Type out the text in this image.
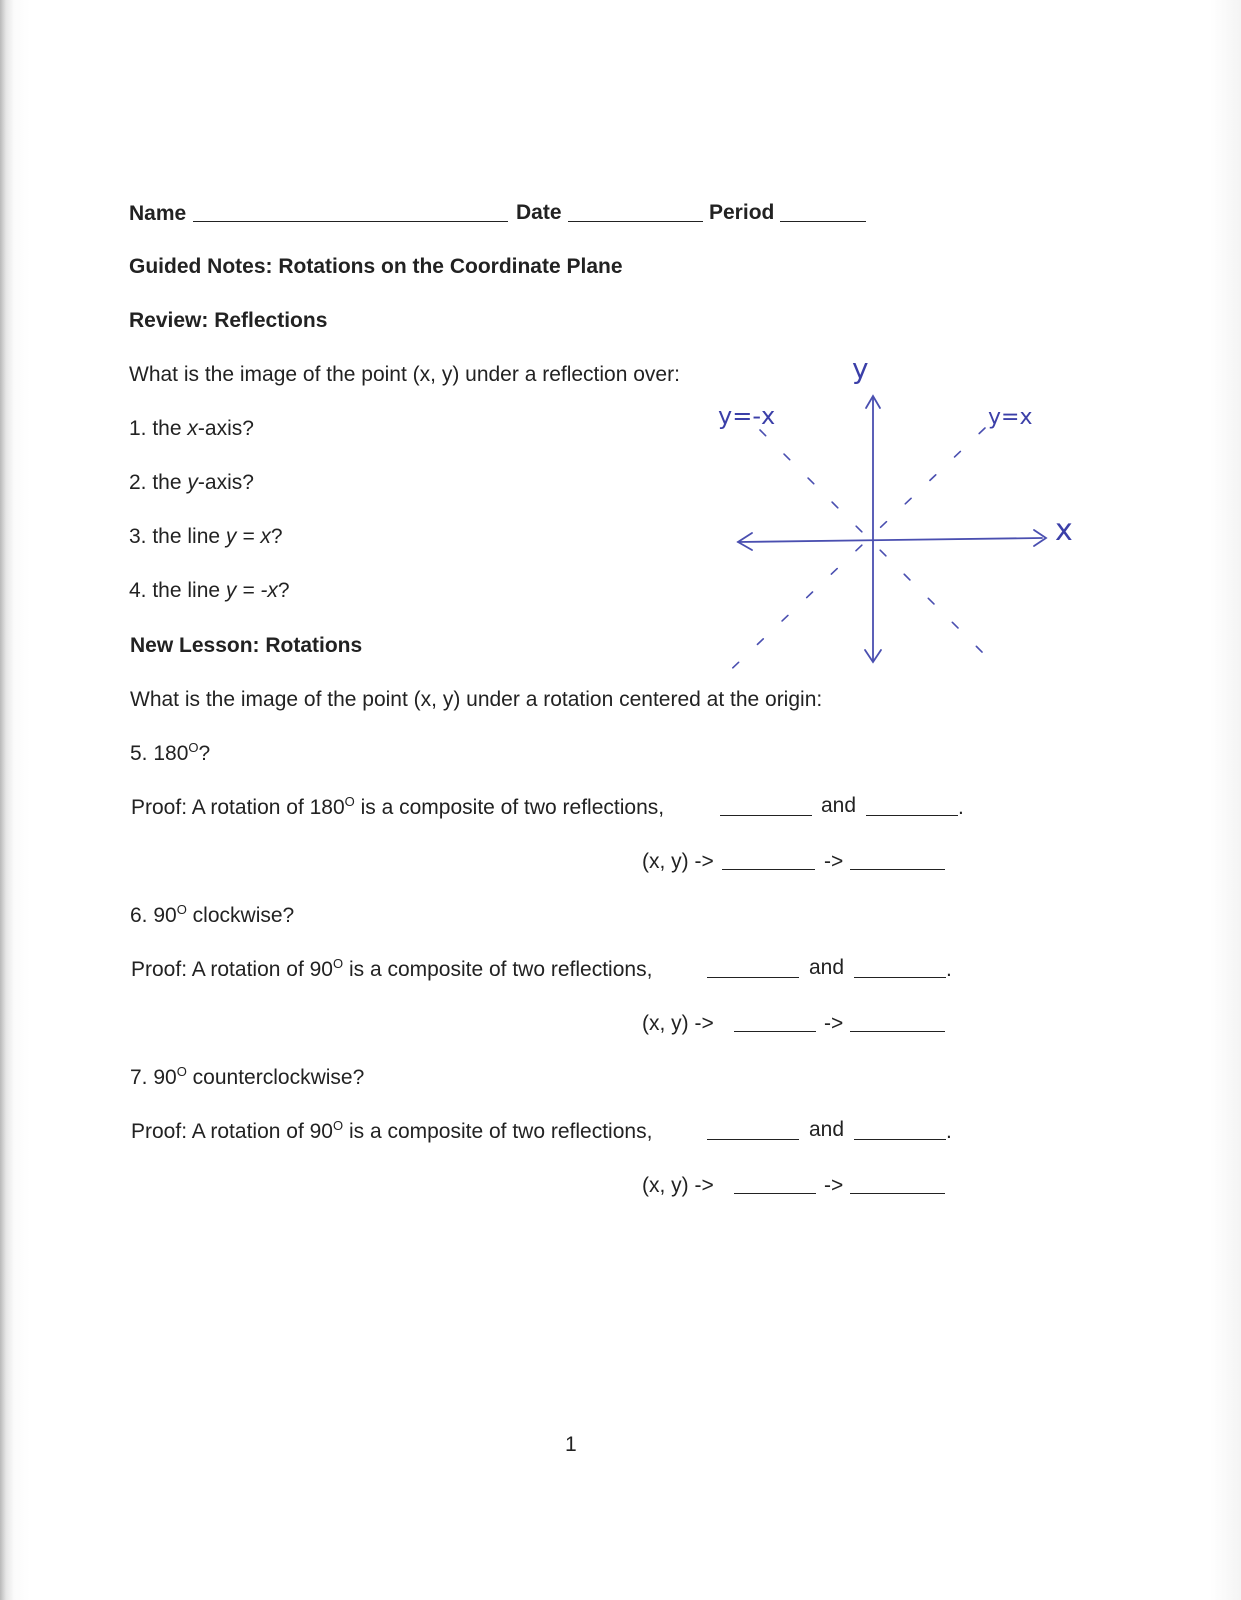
Name	Date	Period
Guided Notes: Rotations on the Coordinate Plane
Review: Reflections
What is the image of the point (x, y) under a reflection over:
1. the x-axis?
2. the y-axis?
3. the line y = x?
4. the line y = -x?
New Lesson: Rotations
What is the image of the point (x, y) under a rotation centered at the origin:
5. $180^O$?
Proof: A rotation of $180^O$ is a composite of two reflections,	and	.
(x, y) ->	->
6. $90^O$ clockwise?
Proof: A rotation of $90^O$ is a composite of two reflections,	and	.
(x, y) ->	->
7. $90^O$ counterclockwise?
Proof: A rotation of $90^O$ is a composite of two reflections,	and	.
(x, y) ->	->
y
x
y=-x	y=x
1
